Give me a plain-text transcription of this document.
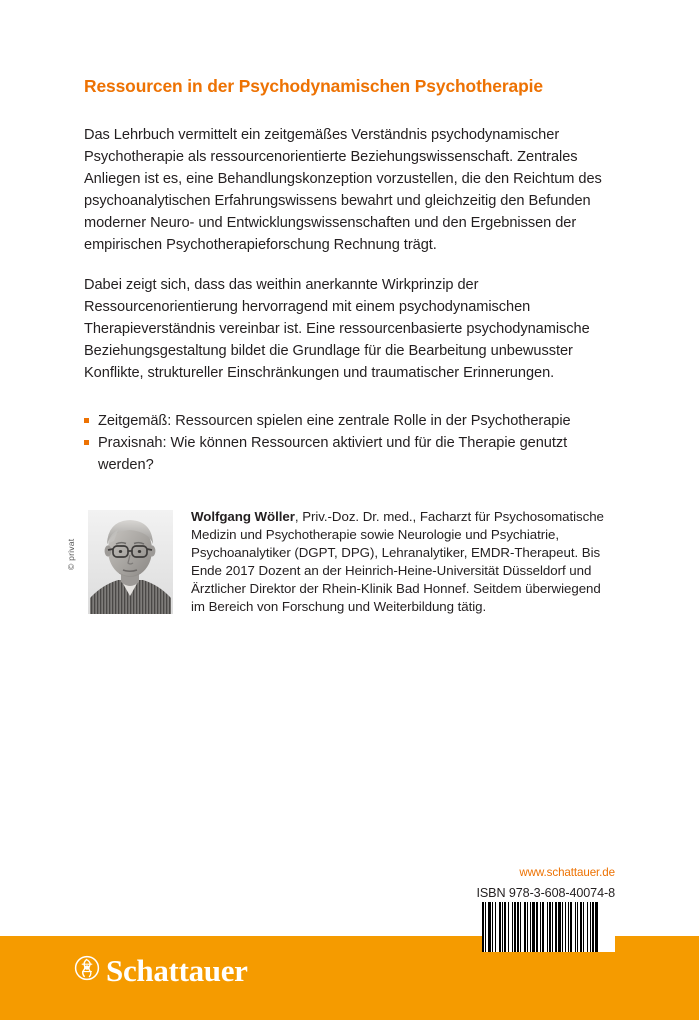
Ressourcen in der Psychodynamischen Psychotherapie
Das Lehrbuch vermittelt ein zeitgemäßes Verständnis psychodynamischer Psychotherapie als ressourcenorientierte Beziehungswissenschaft. Zentrales Anliegen ist es, eine Behandlungskonzeption vorzustellen, die den Reichtum des psychoanalytischen Erfahrungswissens bewahrt und gleichzeitig den Befunden moderner Neuro- und Entwicklungswissenschaften und den Ergebnissen der empirischen Psychotherapieforschung Rechnung trägt.
Dabei zeigt sich, dass das weithin anerkannte Wirkprinzip der Ressourcenorientierung hervorragend mit einem psychodynamischen Therapieverständnis vereinbar ist. Eine ressourcenbasierte psychodynamische Beziehungsgestaltung bildet die Grundlage für die Bearbeitung unbewusster Konflikte, struktureller Einschränkungen und traumatischer Erinnerungen.
Zeitgemäß: Ressourcen spielen eine zentrale Rolle in der Psychotherapie
Praxisnah: Wie können Ressourcen aktiviert und für die Therapie genutzt werden?
© privat
Wolfgang Wöller, Priv.-Doz. Dr. med., Facharzt für Psychosomatische Medizin und Psychotherapie sowie Neurologie und Psychiatrie, Psychoanalytiker (DGPT, DPG), Lehranalytiker, EMDR-Therapeut. Bis Ende 2017 Dozent an der Heinrich-Heine-Universität Düsseldorf und Ärztlicher Direktor der Rhein-Klinik Bad Honnef. Seitdem überwiegend im Bereich von Forschung und Weiterbildung tätig.
www.schattauer.de
ISBN 978-3-608-40074-8
Schattauer
